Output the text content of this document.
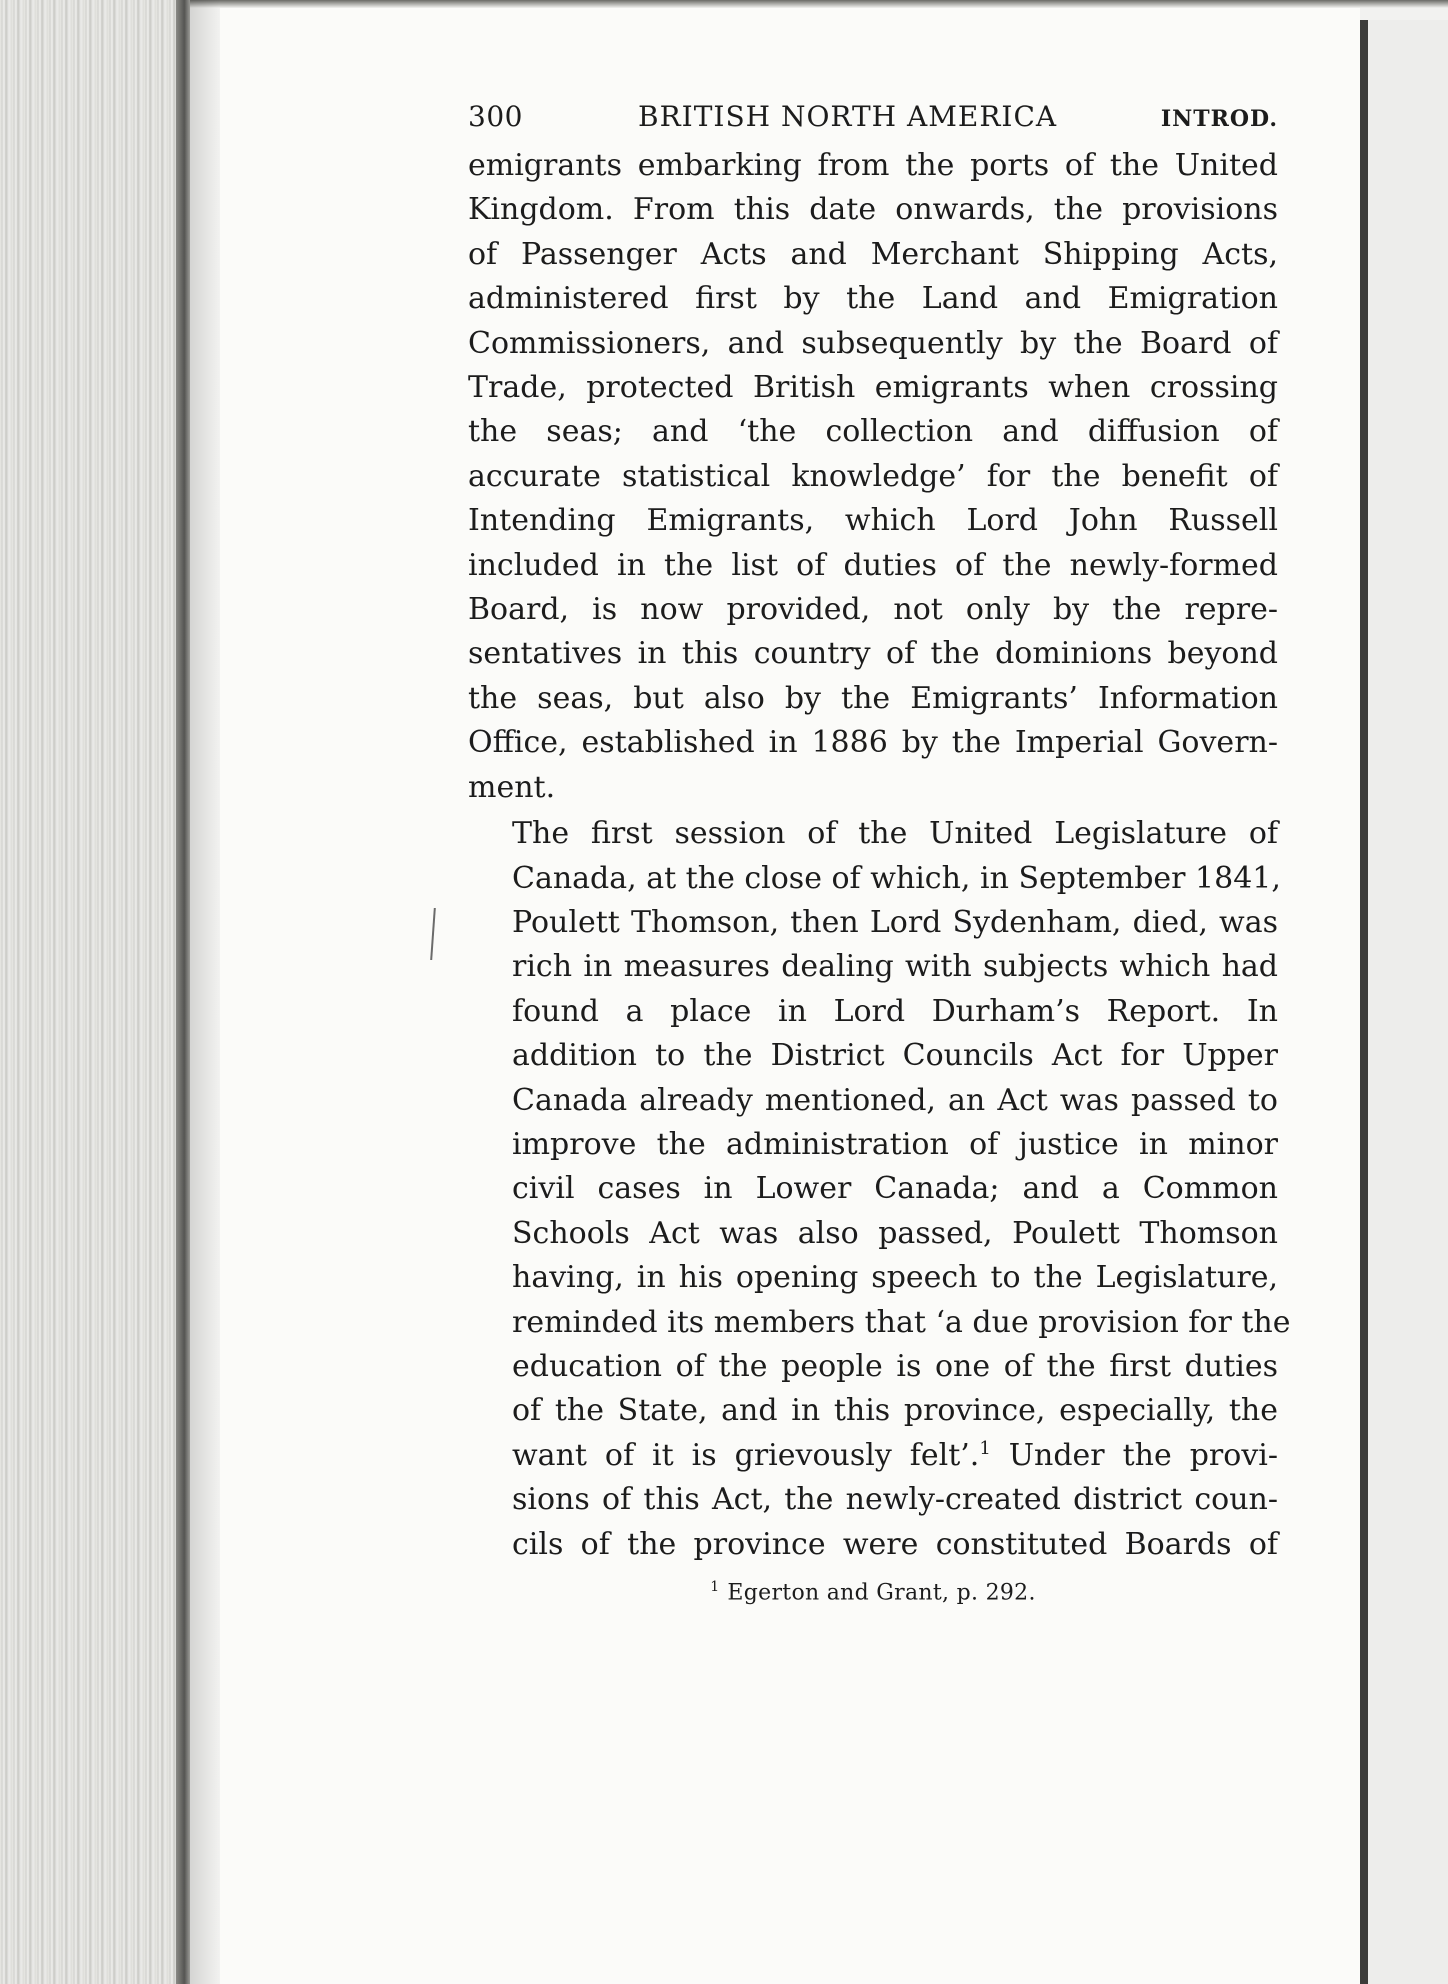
300	BRITISH NORTH AMERICA	INTROD.

emigrants embarking from the ports of the United
Kingdom. From this date onwards, the provisions
of Passenger Acts and Merchant Shipping Acts,
administered first by the Land and Emigration
Commissioners, and subsequently by the Board of
Trade, protected British emigrants when crossing
the seas; and ‘the collection and diffusion of
accurate statistical knowledge’ for the benefit of
Intending Emigrants, which Lord John Russell
included in the list of duties of the newly-formed
Board, is now provided, not only by the repre-
sentatives in this country of the dominions beyond
the seas, but also by the Emigrants’ Information
Office, established in 1886 by the Imperial Govern-
ment.

The first session of the United Legislature of
Canada, at the close of which, in September 1841,
Poulett Thomson, then Lord Sydenham, died, was
rich in measures dealing with subjects which had
found a place in Lord Durham’s Report. In
addition to the District Councils Act for Upper
Canada already mentioned, an Act was passed to
improve the administration of justice in minor
civil cases in Lower Canada; and a Common
Schools Act was also passed, Poulett Thomson
having, in his opening speech to the Legislature,
reminded its members that ‘a due provision for the
education of the people is one of the first duties
of the State, and in this province, especially, the
want of it is grievously felt’.$^1$ Under the provi-
sions of this Act, the newly-created district coun-
cils of the province were constituted Boards of

$^1$ Egerton and Grant, p. 292.
